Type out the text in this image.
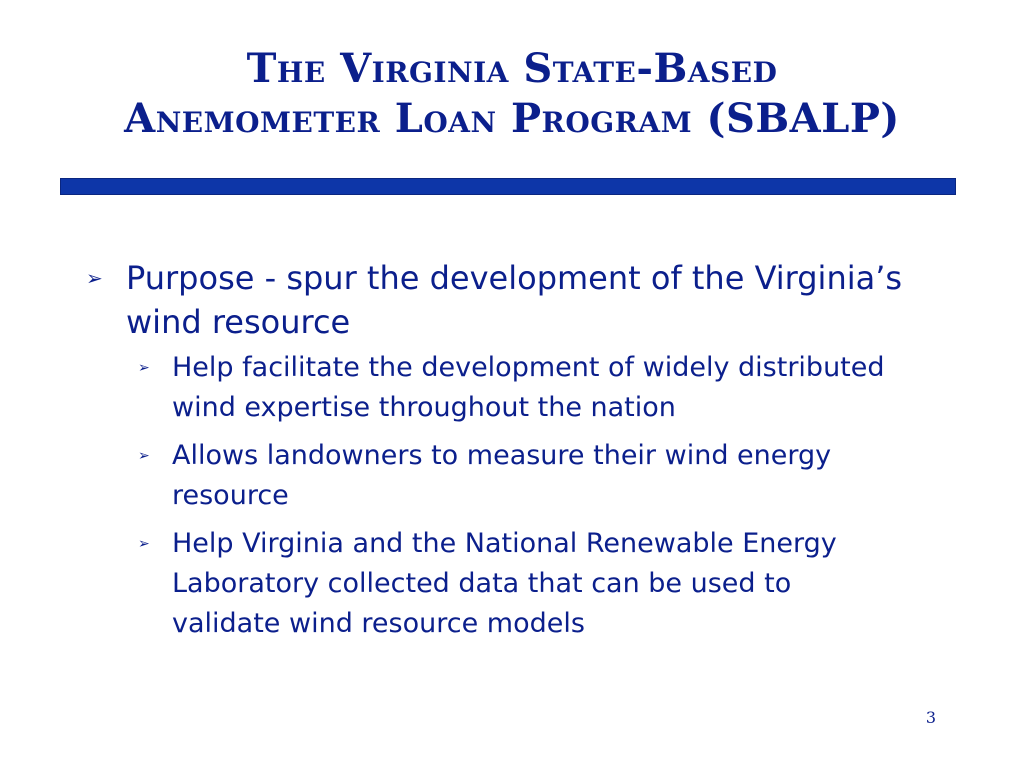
The Virginia State-Based
Anemometer Loan Program (SBALP)
➢ Purpose - spur the development of the Virginia’s wind resource
➢ Help facilitate the development of widely distributed wind expertise throughout the nation
➢ Allows landowners to measure their wind energy resource
➢ Help Virginia and the National Renewable Energy Laboratory collected data that can be used to validate wind resource models
3
